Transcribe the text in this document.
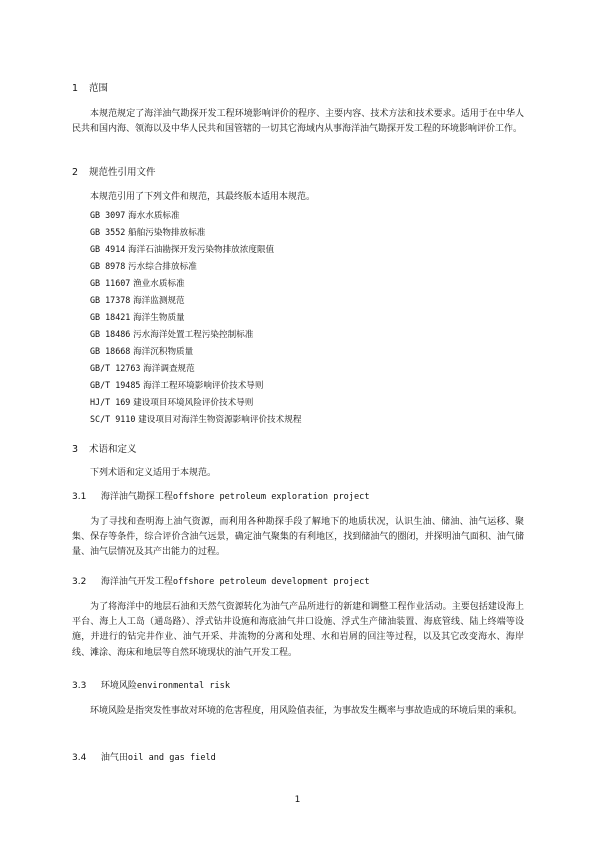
1 范围
本规范规定了海洋油气勘探开发工程环境影响评价的程序、主要内容、技术方法和技术要求。适用于在中华人民共和国内海、领海以及中华人民共和国管辖的一切其它海域内从事海洋油气勘探开发工程的环境影响评价工作。
2 规范性引用文件
本规范引用了下列文件和规范，其最终版本适用本规范。
GB 3097 海水水质标准
GB 3552 船舶污染物排放标准
GB 4914 海洋石油勘探开发污染物排放浓度限值
GB 8978 污水综合排放标准
GB 11607 渔业水质标准
GB 17378 海洋监测规范
GB 18421 海洋生物质量
GB 18486 污水海洋处置工程污染控制标准
GB 18668 海洋沉积物质量
GB/T 12763 海洋调查规范
GB/T 19485 海洋工程环境影响评价技术导则
HJ/T 169 建设项目环境风险评价技术导则
SC/T 9110 建设项目对海洋生物资源影响评价技术规程
3 术语和定义
下列术语和定义适用于本规范。
3.1 海洋油气勘探工程offshore petroleum exploration project
为了寻找和查明海上油气资源，而利用各种勘探手段了解地下的地质状况，认识生油、储油、油气运移、聚集、保存等条件，综合评价含油气远景，确定油气聚集的有利地区，找到储油气的圈闭，并探明油气面积、油气储量、油气层情况及其产出能力的过程。
3.2 海洋油气开发工程offshore petroleum development project
为了将海洋中的地层石油和天然气资源转化为油气产品所进行的新建和调整工程作业活动。主要包括建设海上平台、海上人工岛（通岛路）、浮式钻井设施和海底油气井口设施、浮式生产储油装置、海底管线、陆上终端等设施，并进行的钻完井作业、油气开采、井流物的分离和处理、水和岩屑的回注等过程，以及其它改变海水、海岸线、滩涂、海床和地层等自然环境现状的油气开发工程。
3.3 环境风险environmental risk
环境风险是指突发性事故对环境的危害程度，用风险值表征，为事故发生概率与事故造成的环境后果的乘积。
3.4 油气田oil and gas field
1
